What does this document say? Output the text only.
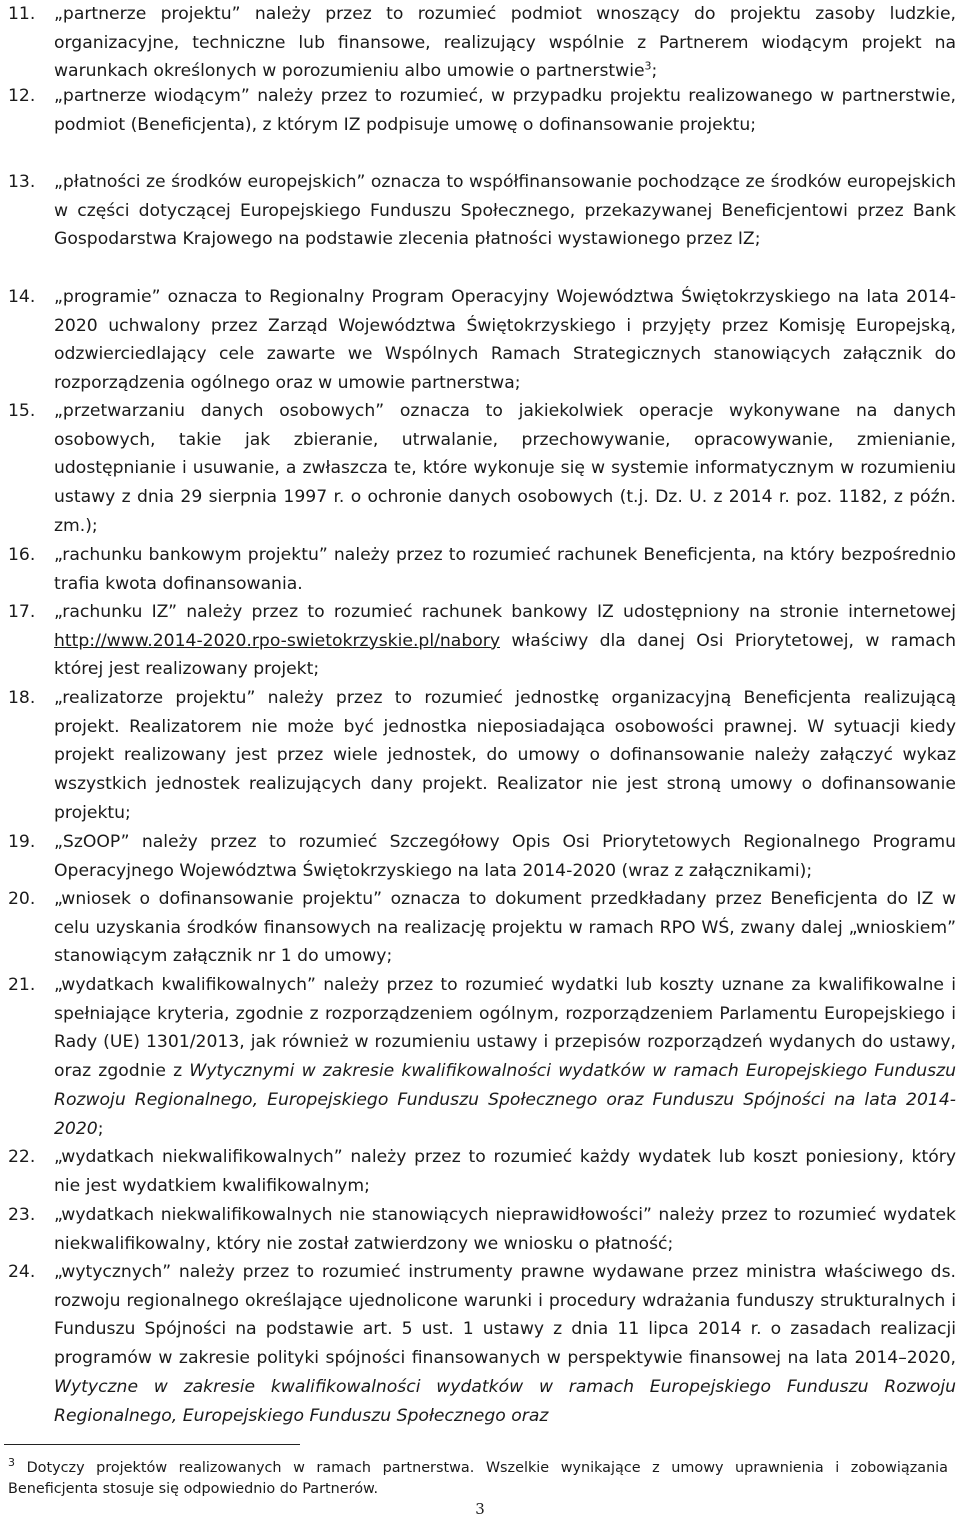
11. „partnerze projektu” należy przez to rozumieć podmiot wnoszący do projektu zasoby ludzkie, organizacyjne, techniczne lub finansowe, realizujący wspólnie z Partnerem wiodącym projekt na warunkach określonych w porozumieniu albo umowie o partnerstwie$^3$;
12. „partnerze wiodącym” należy przez to rozumieć, w przypadku projektu realizowanego w partnerstwie, podmiot (Beneficjenta), z którym IZ podpisuje umowę o dofinansowanie projektu;
13. „płatności ze środków europejskich” oznacza to współfinansowanie pochodzące ze środków europejskich w części dotyczącej Europejskiego Funduszu Społecznego, przekazywanej Beneficjentowi przez Bank Gospodarstwa Krajowego na podstawie zlecenia płatności wystawionego przez IZ;
14. „programie” oznacza to Regionalny Program Operacyjny Województwa Świętokrzyskiego na lata 2014-2020 uchwalony przez Zarząd Województwa Świętokrzyskiego i przyjęty przez Komisję Europejską, odzwierciedlający cele zawarte we Wspólnych Ramach Strategicznych stanowiących załącznik do rozporządzenia ogólnego oraz w umowie partnerstwa;
15. „przetwarzaniu danych osobowych” oznacza to jakiekolwiek operacje wykonywane na danych osobowych, takie jak zbieranie, utrwalanie, przechowywanie, opracowywanie, zmienianie, udostępnianie i usuwanie, a zwłaszcza te, które wykonuje się w systemie informatycznym w rozumieniu ustawy z dnia 29 sierpnia 1997 r. o ochronie danych osobowych (t.j. Dz. U. z 2014 r. poz. 1182, z późn. zm.);
16. „rachunku bankowym projektu” należy przez to rozumieć rachunek Beneficjenta, na który bezpośrednio trafia kwota dofinansowania.
17. „rachunku IZ” należy przez to rozumieć rachunek bankowy IZ udostępniony na stronie internetowej http://www.2014-2020.rpo-swietokrzyskie.pl/nabory właściwy dla danej Osi Priorytetowej, w ramach której jest realizowany projekt;
18. „realizatorze projektu” należy przez to rozumieć jednostkę organizacyjną Beneficjenta realizującą projekt. Realizatorem nie może być jednostka nieposiadająca osobowości prawnej. W sytuacji kiedy projekt realizowany jest przez wiele jednostek, do umowy o dofinansowanie należy załączyć wykaz wszystkich jednostek realizujących dany projekt. Realizator nie jest stroną umowy o dofinansowanie projektu;
19. „SzOOP” należy przez to rozumieć Szczegółowy Opis Osi Priorytetowych Regionalnego Programu Operacyjnego Województwa Świętokrzyskiego na lata 2014-2020 (wraz z załącznikami);
20. „wniosek o dofinansowanie projektu” oznacza to dokument przedkładany przez Beneficjenta do IZ w celu uzyskania środków finansowych na realizację projektu w ramach RPO WŚ, zwany dalej „wnioskiem” stanowiącym załącznik nr 1 do umowy;
21. „wydatkach kwalifikowalnych” należy przez to rozumieć wydatki lub koszty uznane za kwalifikowalne i spełniające kryteria, zgodnie z rozporządzeniem ogólnym, rozporządzeniem Parlamentu Europejskiego i Rady (UE) 1301/2013, jak również w rozumieniu ustawy i przepisów rozporządzeń wydanych do ustawy, oraz zgodnie z Wytycznymi w zakresie kwalifikowalności wydatków w ramach Europejskiego Funduszu Rozwoju Regionalnego, Europejskiego Funduszu Społecznego oraz Funduszu Spójności na lata 2014-2020;
22. „wydatkach niekwalifikowalnych” należy przez to rozumieć każdy wydatek lub koszt poniesiony, który nie jest wydatkiem kwalifikowalnym;
23. „wydatkach niekwalifikowalnych nie stanowiących nieprawidłowości” należy przez to rozumieć wydatek niekwalifikowalny, który nie został zatwierdzony we wniosku o płatność;
24. „wytycznych” należy przez to rozumieć instrumenty prawne wydawane przez ministra właściwego ds. rozwoju regionalnego określające ujednolicone warunki i procedury wdrażania funduszy strukturalnych i Funduszu Spójności na podstawie art. 5 ust. 1 ustawy z dnia 11 lipca 2014 r. o zasadach realizacji programów w zakresie polityki spójności finansowanych w perspektywie finansowej na lata 2014–2020, Wytyczne w zakresie kwalifikowalności wydatków w ramach Europejskiego Funduszu Rozwoju Regionalnego, Europejskiego Funduszu Społecznego oraz
$^3$ Dotyczy projektów realizowanych w ramach partnerstwa. Wszelkie wynikające z umowy uprawnienia i zobowiązania Beneficjenta stosuje się odpowiednio do Partnerów.
3
